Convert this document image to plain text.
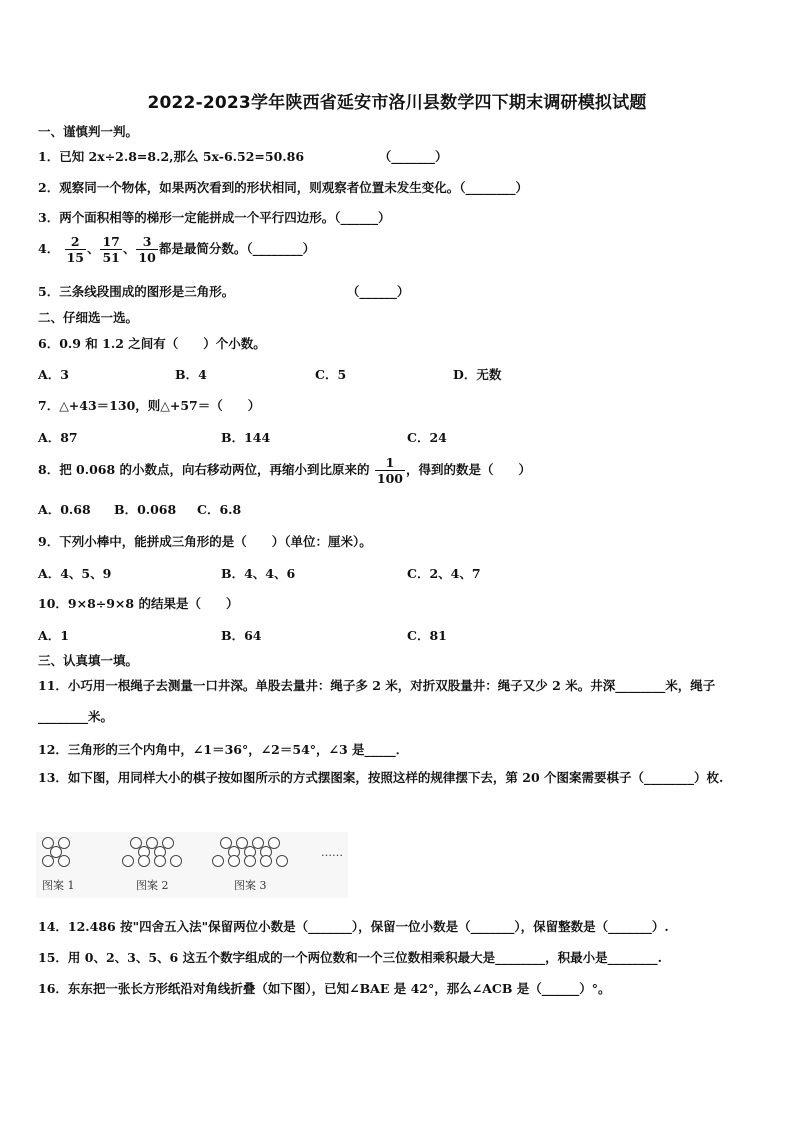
2022-2023学年陕西省延安市洛川县数学四下期末调研模拟试题
一、谨慎判一判。
1．已知 2x÷2.8=8.2,那么 5x-6.52=50.86	（_______）
2．观察同一个物体，如果两次看到的形状相同，则观察者位置未发生变化。（________）
3．两个面积相等的梯形一定能拼成一个平行四边形。（______）
4． $\frac{2}{15}$ 、 $\frac{17}{51}$ 、 $\frac{3}{10}$ 都是最简分数。（________）
5．三条线段围成的图形是三角形。	（______）
二、仔细选一选。
6．0.9 和 1.2 之间有（　　）个小数。
A．3	B．4	C．5	D．无数
7．△+43＝130，则△+57＝（　　）
A．87	B．144	C．24
8．把 0.068 的小数点，向右移动两位，再缩小到比原来的 $\frac{1}{100}$ ，得到的数是（　　）
A．0.68 B．0.068 C．6.8
9．下列小棒中，能拼成三角形的是（　　）（单位：厘米）。
A．4、5、9	B．4、4、6	C．2、4、7
10．9×8÷9×8 的结果是（　　）
A．1	B．64	C．81
三、认真填一填。
11．小巧用一根绳子去测量一口井深。单股去量井：绳子多 2 米，对折双股量井：绳子又少 2 米。井深________米，绳子________米。
12．三角形的三个内角中，∠1＝36°，∠2＝54°，∠3 是_____．
13．如下图，用同样大小的棋子按如图所示的方式摆图案，按照这样的规律摆下去，第 20 个图案需要棋子（________）枚.
……
图案 1	图案 2	图案 3
14．12.486 按"四舍五入法"保留两位小数是（_______），保留一位小数是（_______），保留整数是（_______）.
15．用 0、2、3、5、6 这五个数字组成的一个两位数和一个三位数相乘积最大是________，积最小是________.
16．东东把一张长方形纸沿对角线折叠（如下图），已知∠BAE 是 42°，那么∠ACB 是（______）°。
